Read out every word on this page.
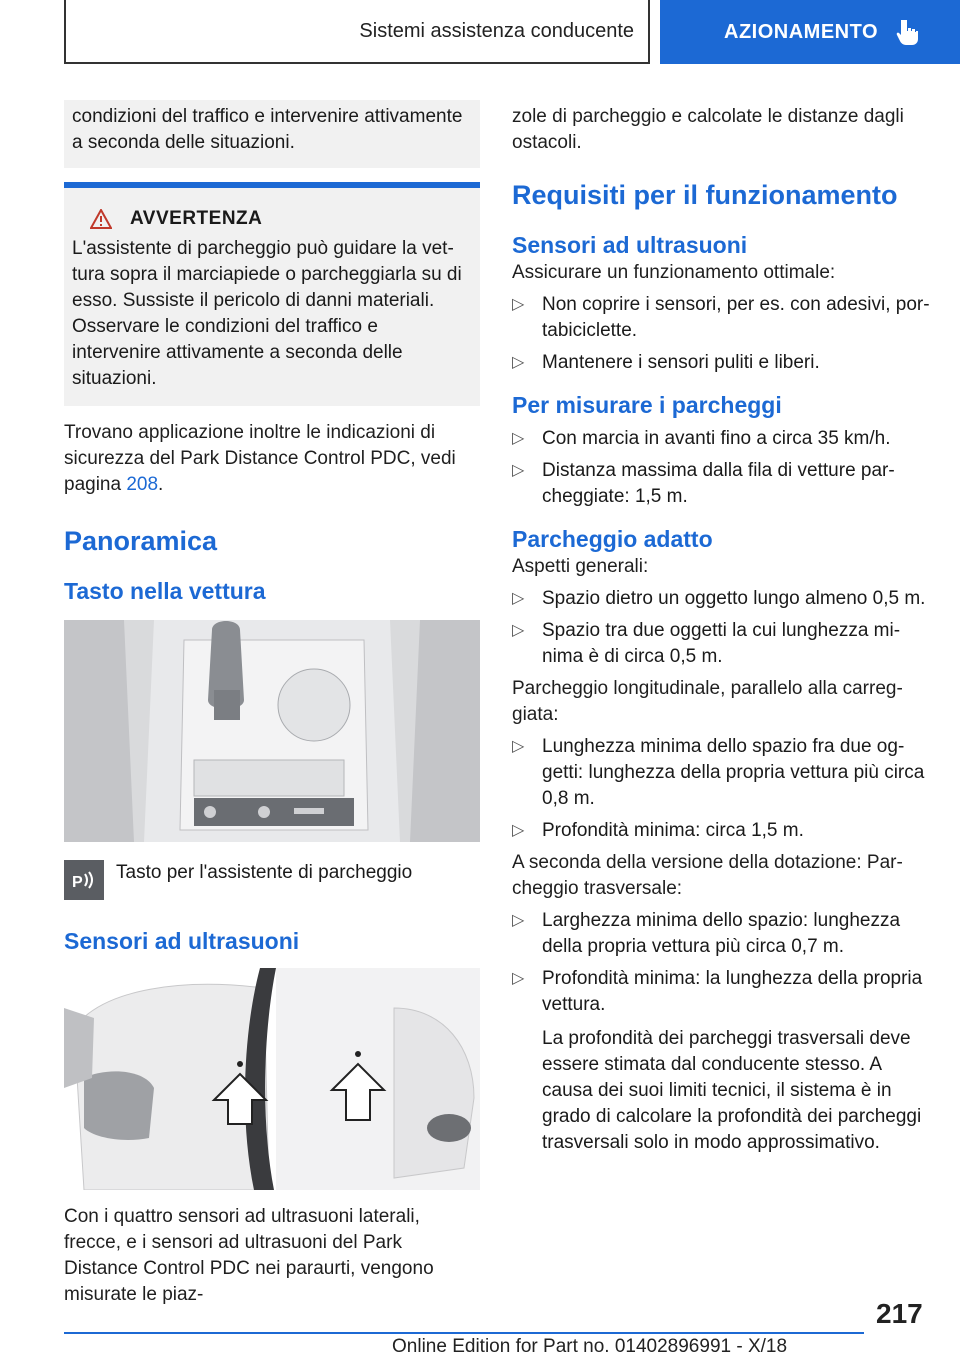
Sistemi assistenza conducente	AZIONAMENTO
condizioni del traffico e intervenire attivamente a seconda delle situazioni.
AVVERTENZA
L'assistente di parcheggio può guidare la vettura sopra il marciapiede o parcheggiarla su di esso. Sussiste il pericolo di danni materiali. Osservare le condizioni del traffico e intervenire attivamente a seconda delle situazioni.

Trovano applicazione inoltre le indicazioni di sicurezza del Park Distance Control PDC, vedi pagina 208.

Panoramica
Tasto nella vettura
P Tasto per l'assistente di parcheggio
Sensori ad ultrasuoni

Con i quattro sensori ad ultrasuoni laterali, frecce, e i sensori ad ultrasuoni del Park Distance Control PDC nei paraurti, vengono misurate le piaz-

zole di parcheggio e calcolate le distanze dagli ostacoli.

Requisiti per il funzionamento
Sensori ad ultrasuoni

Assicurare un funzionamento ottimale:

▷ Non coprire i sensori, per es. con adesivi, portabiciclette.
▷ Mantenere i sensori puliti e liberi.
Per misurare i parcheggi
▷ Con marcia in avanti fino a circa 35 km/h.
▷ Distanza massima dalla fila di vetture parcheggiate: 1,5 m.
Parcheggio adatto

Aspetti generali:

▷ Spazio dietro un oggetto lungo almeno 0,5 m.
▷ Spazio tra due oggetti la cui lunghezza minima è di circa 0,5 m.

Parcheggio longitudinale, parallelo alla carreggiata:

▷ Lunghezza minima dello spazio fra due oggetti: lunghezza della propria vettura più circa 0,8 m.
▷ Profondità minima: circa 1,5 m.

A seconda della versione della dotazione: Parcheggio trasversale:

▷ Larghezza minima dello spazio: lunghezza della propria vettura più circa 0,7 m.
▷ Profondità minima: la lunghezza della propria vettura.
La profondità dei parcheggi trasversali deve essere stimata dal conducente stesso. A causa dei suoi limiti tecnici, il sistema è in grado di calcolare la profondità dei parcheggi trasversali solo in modo approssimativo.
217
Online Edition for Part no. 01402896991 - X/18
